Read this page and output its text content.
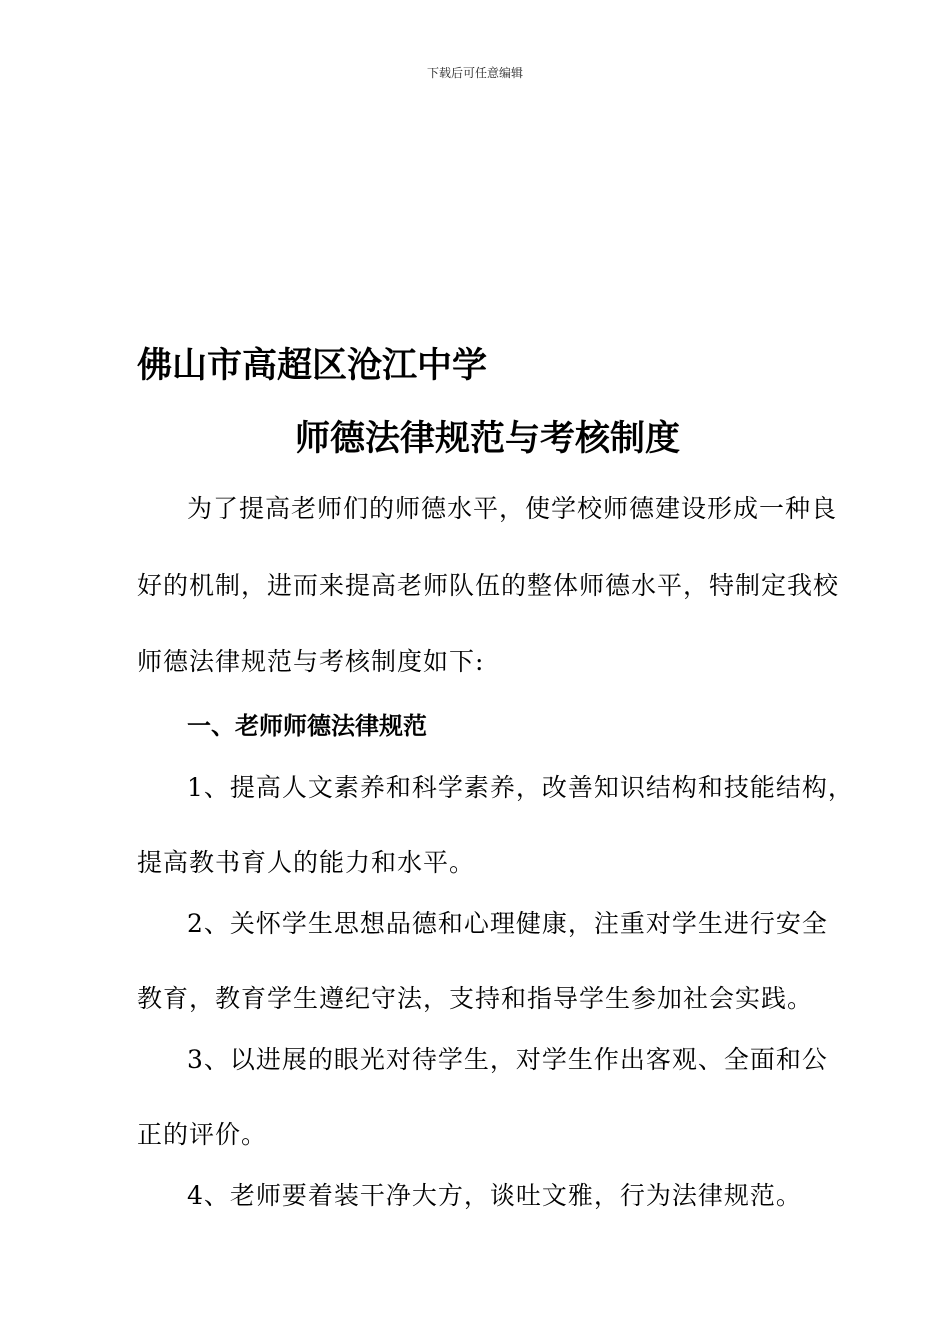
下载后可任意编辑
佛山市高超区沧江中学
师德法律规范与考核制度
为了提高老师们的师德水平，使学校师德建设形成一种良
好的机制，进而来提高老师队伍的整体师德水平，特制定我校
师德法律规范与考核制度如下:
一、老师师德法律规范
1、提高人文素养和科学素养，改善知识结构和技能结构，
提高教书育人的能力和水平。
2、关怀学生思想品德和心理健康，注重对学生进行安全
教育，教育学生遵纪守法，支持和指导学生参加社会实践。
3、以进展的眼光对待学生，对学生作出客观、全面和公
正的评价。
4、老师要着装干净大方，谈吐文雅，行为法律规范。
